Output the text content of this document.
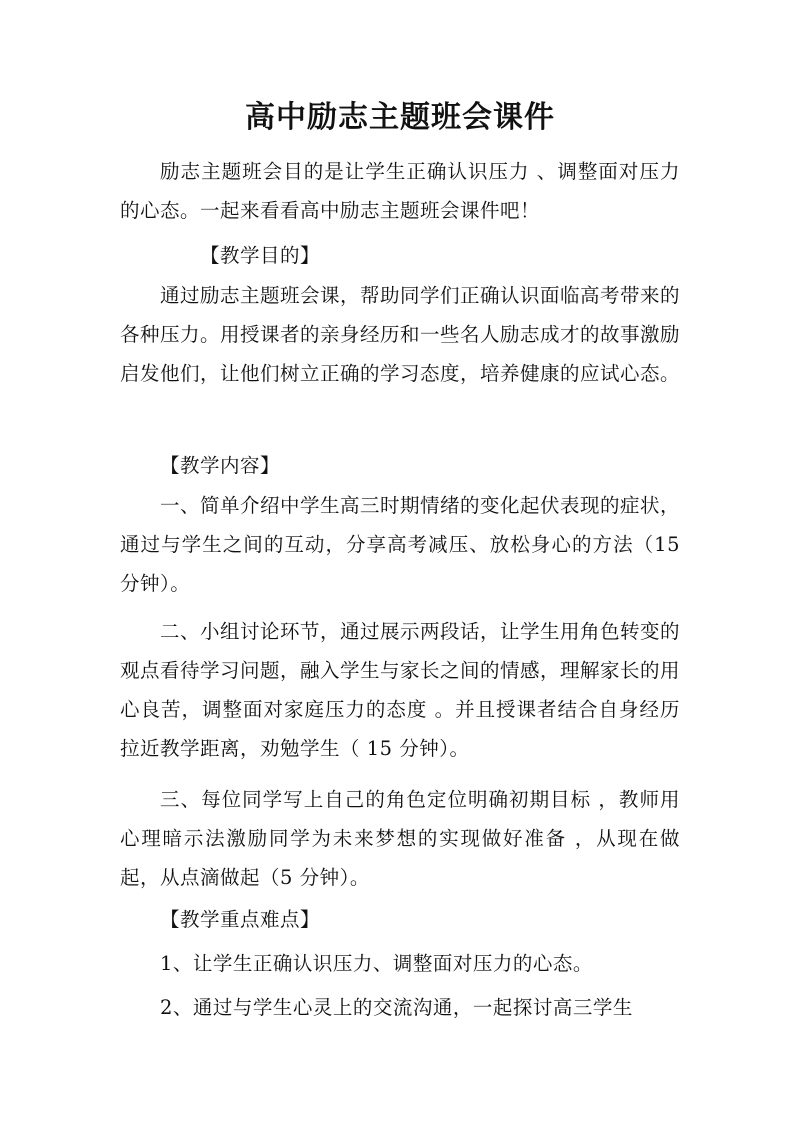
高中励志主题班会课件

励志主题班会目的是让学生正确认识压力 、调整面对压力的心态。一起来看看高中励志主题班会课件吧！

【教学目的】

通过励志主题班会课，帮助同学们正确认识面临高考带来的各种压力。用授课者的亲身经历和一些名人励志成才的故事激励启发他们，让他们树立正确的学习态度，培养健康的应试心态。

【教学内容】

一、简单介绍中学生高三时期情绪的变化起伏表现的症状，通过与学生之间的互动，分享高考减压、放松身心的方法（15 分钟）。

二、小组讨论环节，通过展示两段话，让学生用角色转变的观点看待学习问题，融入学生与家长之间的情感，理解家长的用心良苦，调整面对家庭压力的态度 。并且授课者结合自身经历拉近教学距离，劝勉学生（ 15 分钟）。

三、每位同学写上自己的角色定位明确初期目标 ，教师用心理暗示法激励同学为未来梦想的实现做好准备 ，从现在做起，从点滴做起（5 分钟）。

【教学重点难点】

1、让学生正确认识压力、调整面对压力的心态。

2、通过与学生心灵上的交流沟通，一起探讨高三学生
